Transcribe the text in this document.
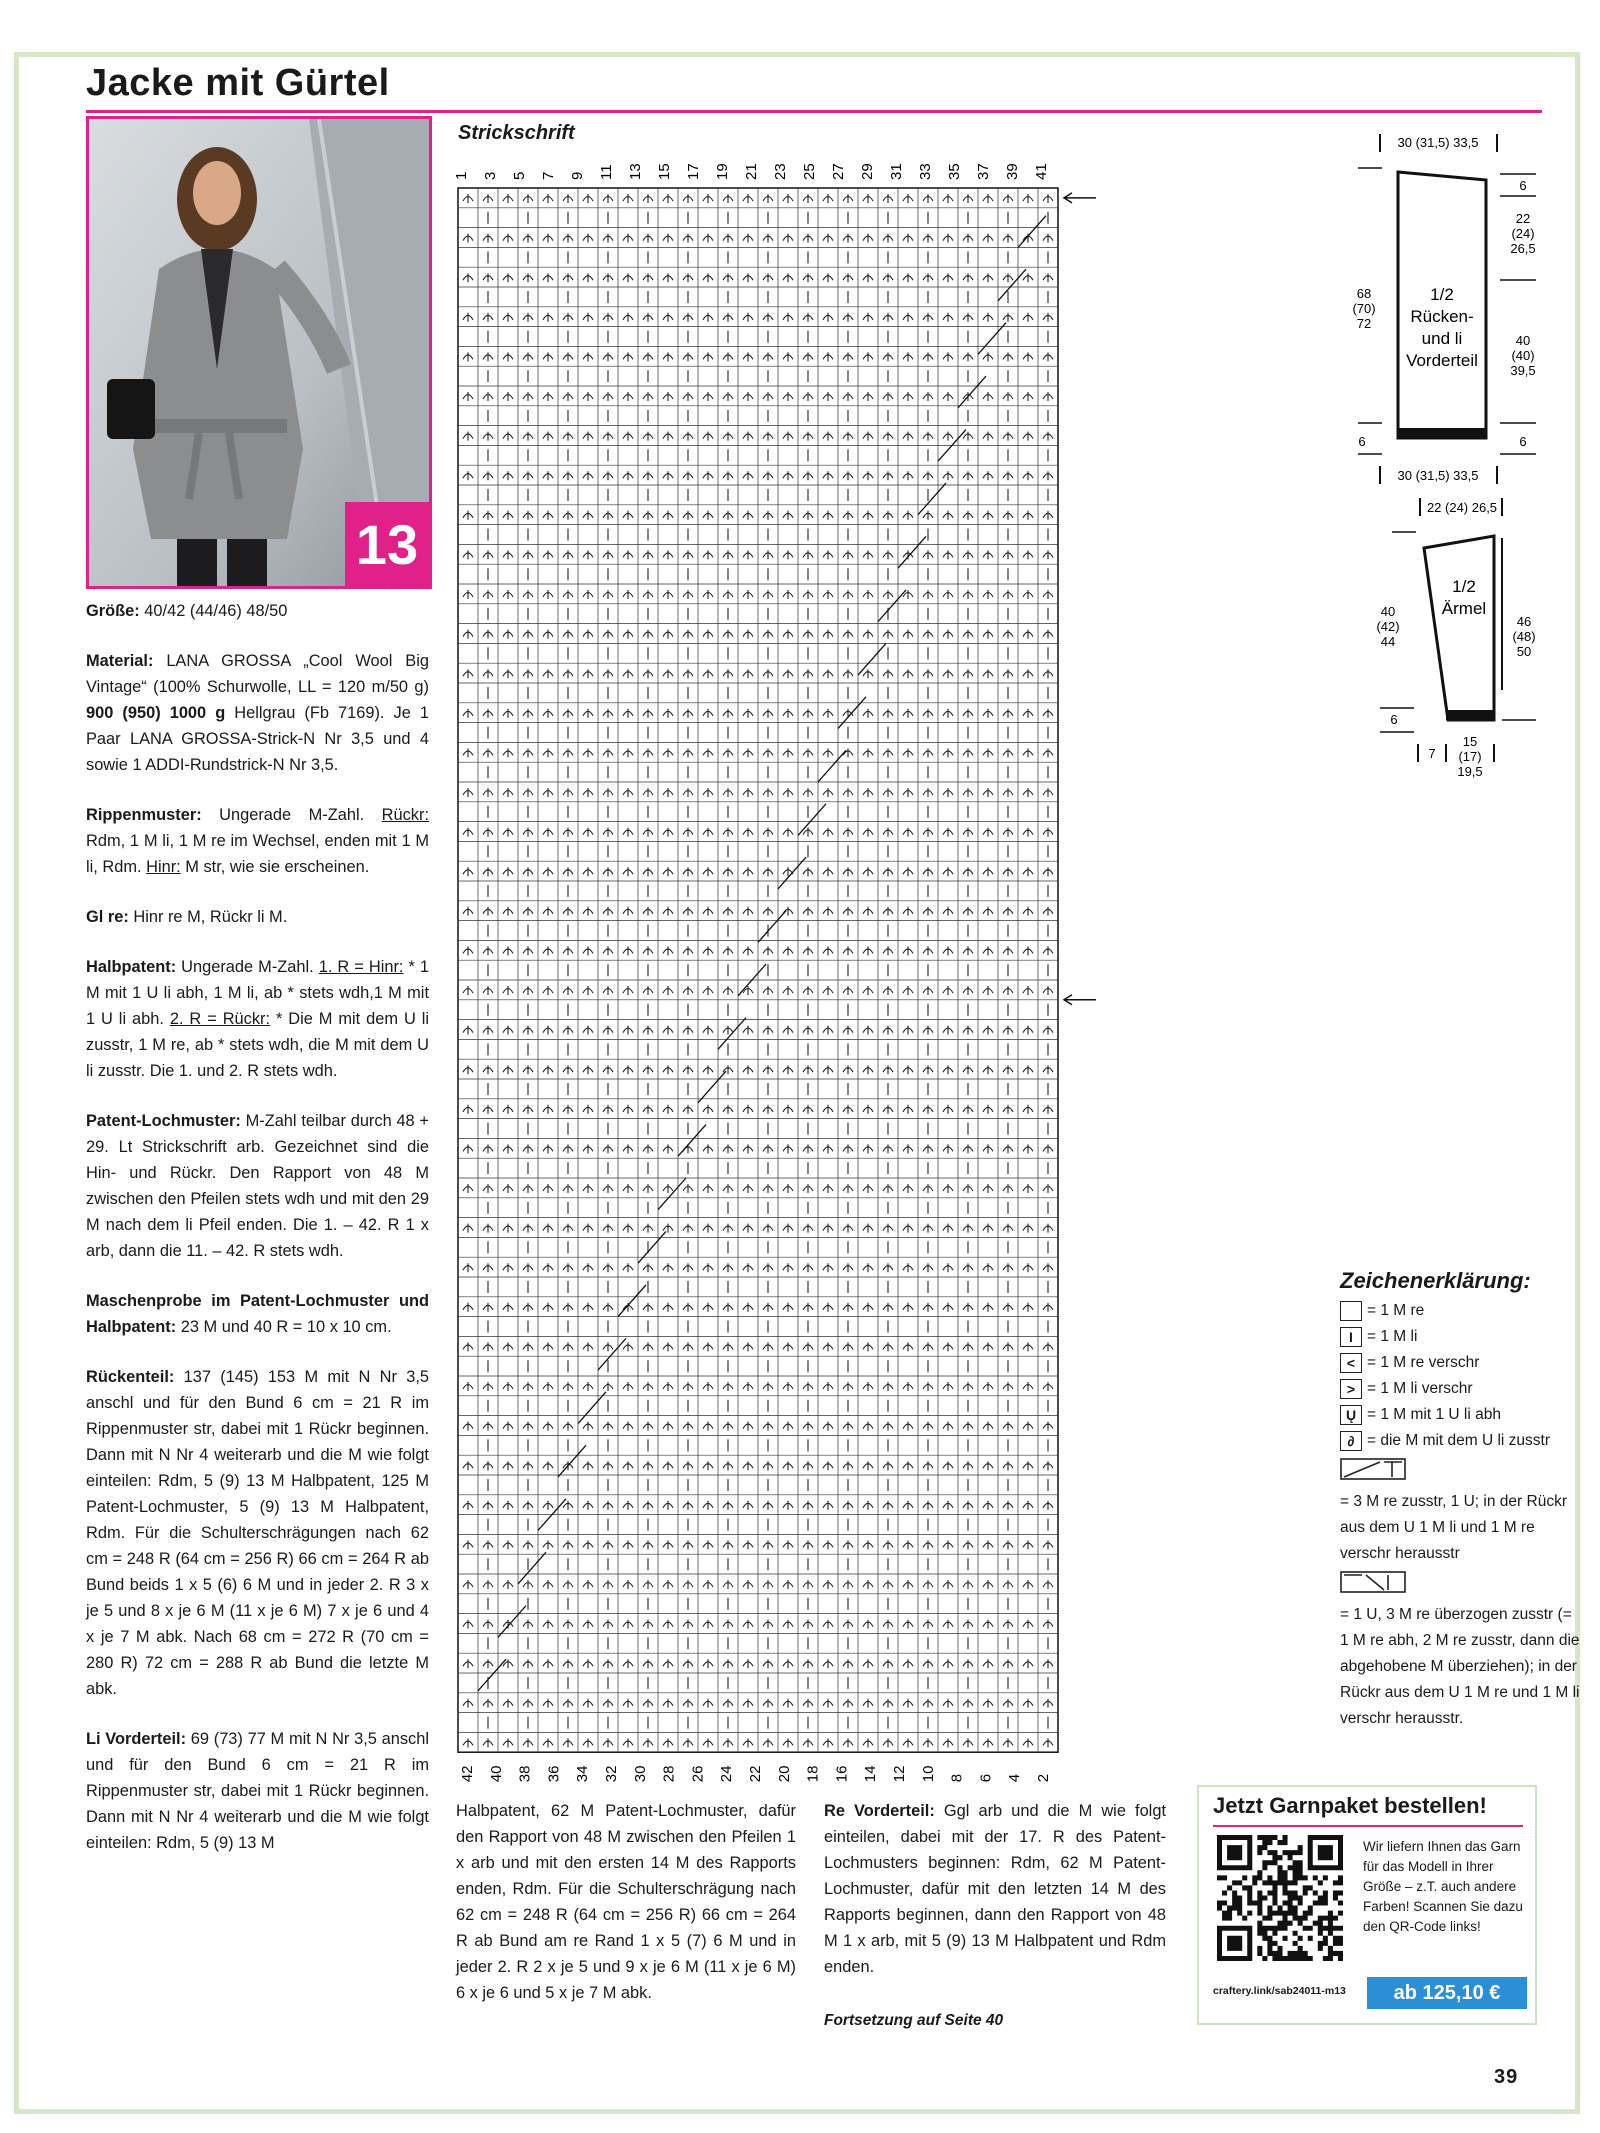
Jacke mit Gürtel
13

Größe: 40/42 (44/46) 48/50

Material: LANA GROSSA „Cool Wool Big Vintage“ (100% Schurwolle, LL = 120 m/50 g) 900 (950) 1000 g Hellgrau (Fb 7169). Je 1 Paar LANA GROSSA-Strick-N Nr 3,5 und 4 sowie 1 ADDI-Rundstrick-N Nr 3,5.

Rippenmuster: Ungerade M-Zahl. Rückr: Rdm, 1 M li, 1 M re im Wechsel, enden mit 1 M li, Rdm. Hinr: M str, wie sie erscheinen.

Gl re: Hinr re M, Rückr li M.

Halbpatent: Ungerade M-Zahl. 1. R = Hinr: * 1 M mit 1 U li abh, 1 M li, ab * stets wdh,1 M mit 1 U li abh. 2. R = Rückr: * Die M mit dem U li zusstr, 1 M re, ab * stets wdh, die M mit dem U li zusstr. Die 1. und 2. R stets wdh.

Patent-Lochmuster: M-Zahl teilbar durch 48 + 29. Lt Strickschrift arb. Gezeichnet sind die Hin- und Rückr. Den Rapport von 48 M zwischen den Pfeilen stets wdh und mit den 29 M nach dem li Pfeil enden. Die 1. – 42. R 1 x arb, dann die 11. – 42. R stets wdh.

Maschenprobe im Patent-Lochmuster und Halbpatent: 23 M und 40 R = 10 x 10 cm.

Rückenteil: 137 (145) 153 M mit N Nr 3,5 anschl und für den Bund 6 cm = 21 R im Rippenmuster str, dabei mit 1 Rückr beginnen. Dann mit N Nr 4 weiterarb und die M wie folgt einteilen: Rdm, 5 (9) 13 M Halbpatent, 125 M Patent-Lochmuster, 5 (9) 13 M Halbpatent, Rdm. Für die Schulterschrägungen nach 62 cm = 248 R (64 cm = 256 R) 66 cm = 264 R ab Bund beids 1 x 5 (6) 6 M und in jeder 2. R 3 x je 5 und 8 x je 6 M (11 x je 6 M) 7 x je 6 und 4 x je 7 M abk. Nach 68 cm = 272 R (70 cm = 280 R) 72 cm = 288 R ab Bund die letzte M abk.

Li Vorderteil: 69 (73) 77 M mit N Nr 3,5 anschl und für den Bund 6 cm = 21 R im Rippenmuster str, dabei mit 1 Rückr beginnen. Dann mit N Nr 4 weiterarb und die M wie folgt einteilen: Rdm, 5 (9) 13 M

Strickschrift
41
39
37
35
33
31
29
27
25
23
21
19
17
15
13
11
9
7
5
3
1
42 40 38 36 34 32 30 28 26 24 22 20 18 16 14 12 10 8 6 4 2
Halbpatent, 62 M Patent-Lochmuster, dafür den Rapport von 48 M zwischen den Pfeilen 1 x arb und mit den ersten 14 M des Rapports enden, Rdm. Für die Schulterschrägung nach 62 cm = 248 R (64 cm = 256 R) 66 cm = 264 R ab Bund am re Rand 1 x 5 (7) 6 M und in jeder 2. R 2 x je 5 und 9 x je 6 M (11 x je 6 M) 6 x je 6 und 5 x je 7 M abk.
Re Vorderteil: Ggl arb und die M wie folgt einteilen, dabei mit der 17. R des Patent-Lochmusters beginnen: Rdm, 62 M Patent-Lochmuster, dafür mit den letzten 14 M des Rapports beginnen, dann den Rapport von 48 M 1 x arb, mit 5 (9) 13 M Halbpatent und Rdm enden.
Fortsetzung auf Seite 40
30 (31,5) 33,5
6
22
(24)
26,5
68
(70)
72
1/2
Rücken-
und li
Vorderteil
40
(40)
39,5
6	6
30 (31,5) 33,5
22 (24) 26,5
1/2
Ärmel
40
(42)
44
46
(48)
50
6
7
15
(17)
19,5
Zeichenerklärung:
= 1 M re
I = 1 M li
< = 1 M re verschr
> = 1 M li verschr
Ų = 1 M mit 1 U li abh
∂ = die M mit dem U li zusstr
= 3 M re zusstr, 1 U; in der Rückr aus dem U 1 M li und 1 M re verschr herausstr
= 1 U, 3 M re überzogen zusstr (= 1 M re abh, 2 M re zusstr, dann die abgehobene M überziehen); in der Rückr aus dem U 1 M re und 1 M li verschr herausstr.
Jetzt Garnpaket bestellen!
Wir liefern Ihnen das Garn für das Modell in Ihrer Größe – z.T. auch andere Farben! Scannen Sie dazu den QR-Code links!
craftery.link/sab24011-m13	ab 125,10 €
39
